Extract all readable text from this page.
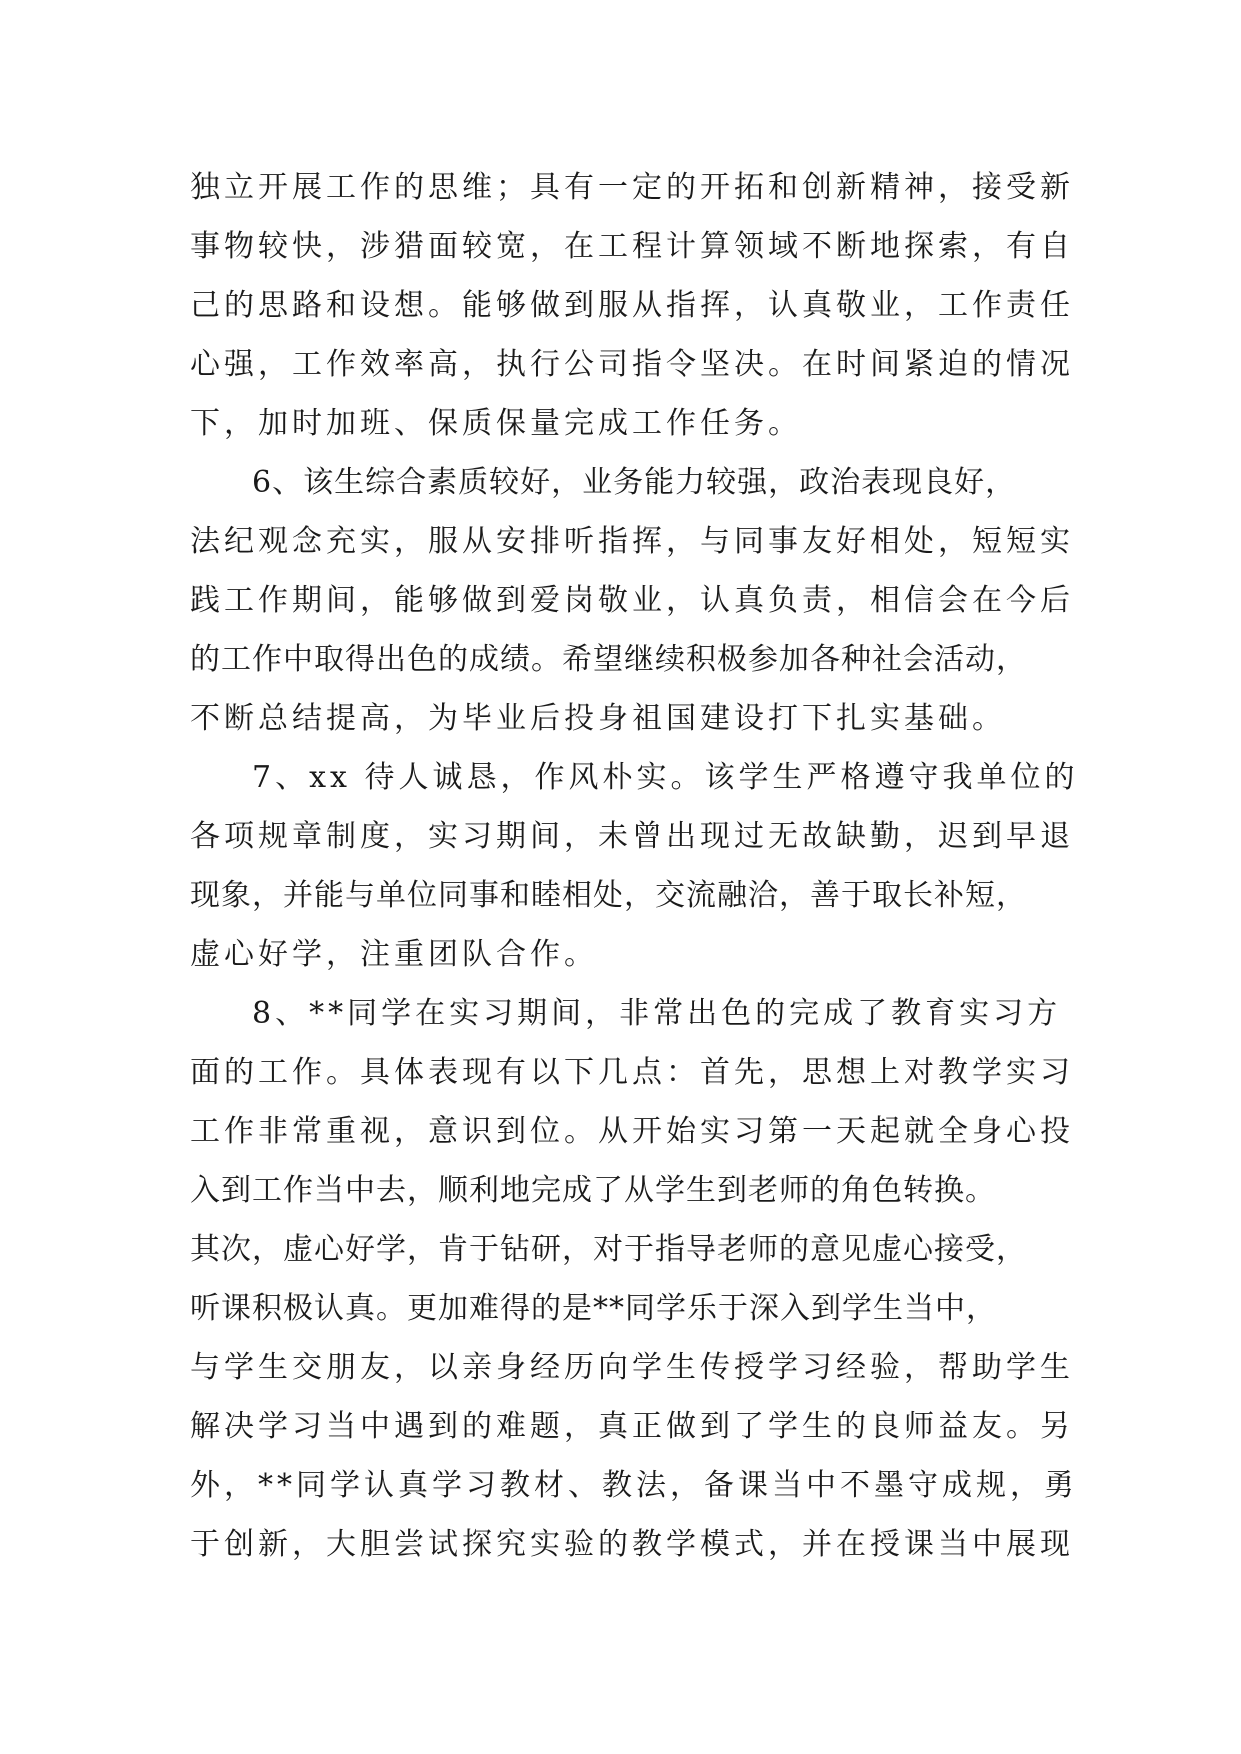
独立开展工作的思维；具有一定的开拓和创新精神，接受新
事物较快，涉猎面较宽，在工程计算领域不断地探索，有自
己的思路和设想。能够做到服从指挥，认真敬业，工作责任
心强，工作效率高，执行公司指令坚决。在时间紧迫的情况
下，加时加班、保质保量完成工作任务。
6、该生综合素质较好，业务能力较强，政治表现良好，
法纪观念充实，服从安排听指挥，与同事友好相处，短短实
践工作期间，能够做到爱岗敬业，认真负责，相信会在今后
的工作中取得出色的成绩。希望继续积极参加各种社会活动，
不断总结提高，为毕业后投身祖国建设打下扎实基础。
7、xx 待人诚恳，作风朴实。该学生严格遵守我单位的
各项规章制度，实习期间，未曾出现过无故缺勤，迟到早退
现象，并能与单位同事和睦相处，交流融洽，善于取长补短，
虚心好学，注重团队合作。
8、**同学在实习期间，非常出色的完成了教育实习方
面的工作。具体表现有以下几点：首先，思想上对教学实习
工作非常重视，意识到位。从开始实习第一天起就全身心投
入到工作当中去，顺利地完成了从学生到老师的角色转换。
其次，虚心好学，肯于钻研，对于指导老师的意见虚心接受，
听课积极认真。更加难得的是**同学乐于深入到学生当中，
与学生交朋友，以亲身经历向学生传授学习经验，帮助学生
解决学习当中遇到的难题，真正做到了学生的良师益友。另
外，**同学认真学习教材、教法，备课当中不墨守成规，勇
于创新，大胆尝试探究实验的教学模式，并在授课当中展现
